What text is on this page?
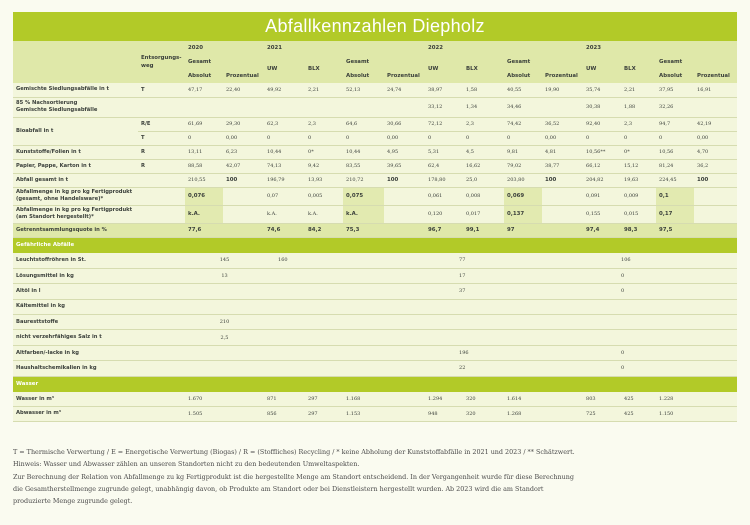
Abfallkennzahlen Diepholz
	Entsorgungs-weg	2020		2021				2022				2023			
		Gesamt		UW	BLX	Gesamt		UW	BLX	Gesamt		UW	BLX	Gesamt	
		Absolut	Prozentual			Absolut	Prozentual			Absolut	Prozentual			Absolut	Prozentual
Gemischte Siedlungsabfälle in t	T	47,17	22,40	49,92	2,21	52,13	24,74	38,97	1,58	40,55	19,90	35,74	2,21	37,95	16,91
85 % Nachsortierung
Gemischte Siedlungsabfälle								33,12	1,34	34,46		30,38	1,88	32,26	
Bioabfall in t	R/E	61,69	29,30	62,3	2,3	64,6	30,66	72,12	2,3	74,42	36,52	92,40	2,3	94,7	42,19
	T	0	0,00	0	0	0	0,00	0	0	0	0,00	0	0	0	0,00
Kunststoffe/Folien in t	R	13,11	6,23	10,44	0*	10,44	4,95	5,31	4,5	9,81	4,81	10,56**	0*	10,56	4,70
Papier, Pappe, Karton in t	R	88,58	42,07	74,13	9,42	83,55	39,65	62,4	16,62	79,02	38,77	66,12	15,12	81,24	36,2
Abfall gesamt in t		210,55	100	196,79	13,93	210,72	100	178,80	25,0	203,80	100	204,82	19,63	224,45	100
Abfallmenge in kg pro kg Fertigprodukt
(gesamt, ohne Handelsware)*		0,076		0,07	0,005	0,075		0,061	0,008	0,069		0,091	0,009	0,1	
Abfallmenge in kg pro kg Fertigprodukt
(am Standort hergestellt)*		k.A.		k.A.	k.A.	k.A.		0,120	0,017	0,137		0,155	0,015	0,17	
Getrenntsammlungsquote in %		77,6		74,6	84,2	75,3		96,7	99,1	97		97,4	98,3	97,5	
Gefährliche Abfälle															
Leuchtstoffröhren in St.		145		160				77				106			
Lösungsmittel in kg		13						17				0			
Altöl in l								37				0			
Kältemittel in kg															
Bauresttstoffe		210													
nicht verzehrfähiges Salz in t		2,5													
Altfarben/-lacke in kg								196				0			
Haushaltschemikalien in kg								22				0			
Wasser															
Wasser in m³		1.670		871	297	1.168		1.294	320	1.614		803	425	1.228	
Abwasser in m³		1.505		856	297	1.153		948	320	1.268		725	425	1.150	
T = Thermische Verwertung / E = Energetische Verwertung (Biogas) / R = (Stoffliches) Recycling / * keine Abholung der Kunststoffabfälle in 2021 und 2023 / ** Schätzwert.
Hinweis: Wasser und Abwasser zählen an unseren Standorten nicht zu den bedeutenden Umweltaspekten.
Zur Berechnung der Relation von Abfallmenge zu kg Fertigprodukt ist die hergestellte Menge am Standort entscheidend. In der Vergangenheit wurde für diese Berechnung
die Gesamtherstellmenge zugrunde gelegt, unabhängig davon, ob Produkte am Standort oder bei Dienstleistern hergestellt wurden. Ab 2023 wird die am Standort
produzierte Menge zugrunde gelegt.
